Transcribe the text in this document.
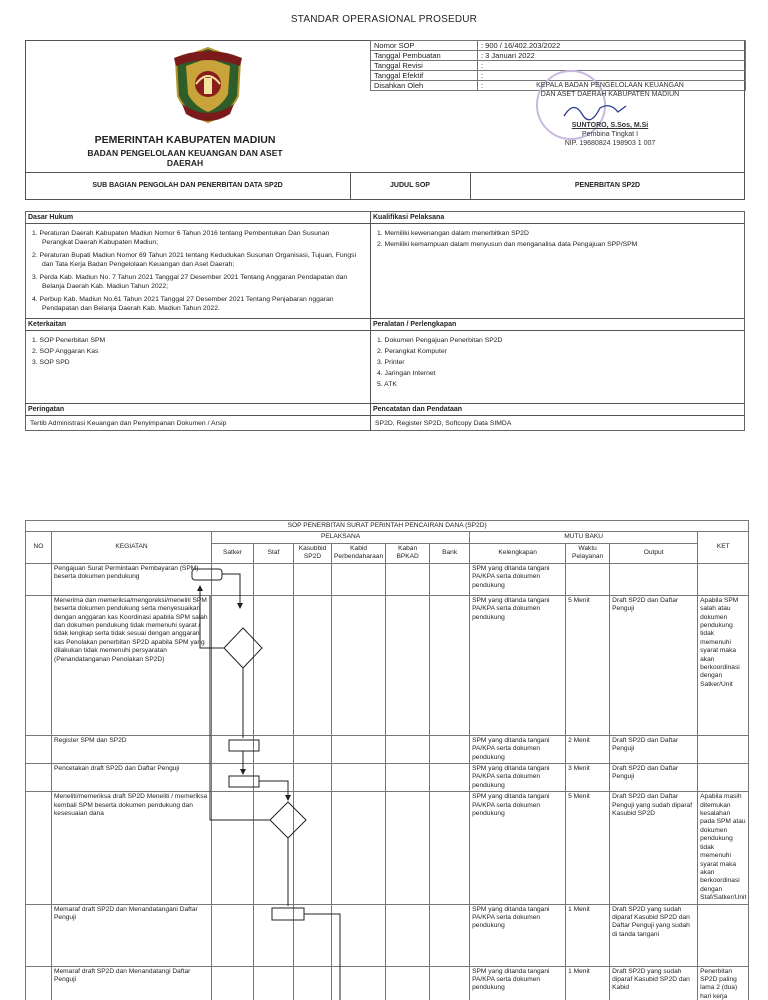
STANDAR OPERASIONAL PROSEDUR
PEMERINTAH KABUPATEN MADIUN
BADAN PENGELOLAAN KEUANGAN DAN ASET
DAERAH
Nomor SOP	: 900 / 16/402.203/2022
Tanggal Pembuatan	: 3 Januari 2022
Tanggal Revisi	:
Tanggal Efektif	:
Disahkan Oleh	:	KEPALA BADAN PENGELOLAAN KEUANGAN
DAN ASET DAERAH KABUPATEN MADIUN
SUNTORO, S.Sos, M.Si
Pembina Tingkat I
NIP. 19680824 198903 1 007
SUB BAGIAN PENGOLAH DAN PENERBITAN DATA SP2D	JUDUL SOP	PENERBITAN SP2D
Dasar Hukum	Kualifikasi Pelaksana
1. Peraturan Daerah Kabupaten Madiun Nomor 6 Tahun 2016 tentang Pembentukan Dan Susunan Perangkat Daerah Kabupaten Madiun;
2. Peraturan Bupati Madiun Nomor 69 Tahun 2021 tentang Kedudukan Susunan Organisasi, Tujuan, Fungsi dan Tata Kerja Badan Pengelolaan Keuangan dan Aset Daerah;
3. Perda Kab. Madiun No. 7 Tahun 2021 Tanggal 27 Desember 2021 Tentang Anggaran Pendapatan dan Belanja Daerah Kab. Madiun Tahun 2022;
4. Perbup Kab. Madiun No.61 Tahun 2021 Tanggal 27 Desember 2021 Tentang Penjabaran nggaran Pendapatan dan Belanja Daerah Kab. Madiun Tahun 2022.
1. Memiliki kewenangan dalam menerbitkan SP2D
2. Memiliki kemampuan dalam menyusun dan menganalisa data Pengajuan SPP/SPM
Keterkaitan	Peralatan / Perlengkapan
1. SOP Penerbitan SPM
2. SOP Anggaran Kas
3. SOP SPD
1. Dokumen Pengajuan Penerbitan SP2D
2. Perangkat Komputer
3. Printer
4. Jaringan Internet
5. ATK
Peringatan	Pencatatan dan Pendataan
Tertib Administrasi Keuangan dan Penyimpanan Dokumen / Arsip	SP2D, Register SP2D, Softcopy Data SIMDA
SOP PENERBITAN SURAT PERINTAH PENCAIRAN DANA (SP2D)											
NO	KEGIATAN	PELAKSANA						MUTU BAKU			KET
		Satker	Staf	Kasubbid SP2D	Kabid Perbendaharaan	Kaban BPKAD	Bank	Kelengkapan	Waktu Pelayanan	Output	

	Pengajuan Surat Permintaan Pembayaran (SPM) beserta dokumen pendukung							SPM yang ditanda tangani PA/KPA serta dokumen pendukung			
	Menerima dan memeriksa/mengoreksi/meneliti SPM beserta dokumen pendukung serta menyesuaikan dengan anggaran kas Koordinasi apabila SPM salah dan dokumen pendukung tidak memenuhi syarat / tidak lengkap serta tidak sesuai dengan anggaran kas Penolakan penerbitan SP2D apabila SPM yang dilakukan tidak memenuhi persyaratan (Penandatanganan Penolakan SP2D)							SPM yang ditanda tangani PA/KPA serta dokumen pendukung	5 Menit	Draft SP2D dan Daftar Penguji	Apabila SPM salah atau dokumen pendukung tidak memenuhi syarat maka akan berkoordinasi dengan Satker/Unit
	Register SPM dan SP2D							SPM yang ditanda tangani PA/KPA serta dokumen pendukung	2 Menit	Draft SP2D dan Daftar Penguji	
	Pencetakan draft SP2D dan Daftar Penguji							SPM yang ditanda tangani PA/KPA serta dokumen pendukung	3 Menit	Draft SP2D dan Daftar Penguji	
	Meneliti/memeriksa draft SP2D Meneliti / memeriksa kembali SPM beserta dokumen pendukung dan kesesuaian dana							SPM yang ditanda tangani PA/KPA serta dokumen pendukung	5 Menit	Draft SP2D dan Daftar Penguji yang sudah diparaf Kasubid SP2D	Apabila masih ditemukan kesalahan pada SPM atau dokumen pendukung tidak memenuhi syarat maka akan berkoordinasi dengan Staf/Satker/Unit
	Memaraf draft SP2D dan Menandatangani Daftar Penguji							SPM yang ditanda tangani PA/KPA serta dokumen pendukung	1 Menit	Draft SP2D yang sudah diparaf Kasubid SP2D dan Daftar Penguji yang sudah di tanda tangani	
	Memaraf draft SP2D dan Menandatangi Daftar Penguji							SPM yang ditanda tangani PA/KPA serta dokumen pendukung	1 Menit	Draft SP2D yang sudah diparaf Kasubid SP2D dan Kabid	Penerbitan SP2D paling lama 2 (dua) hari kerja
